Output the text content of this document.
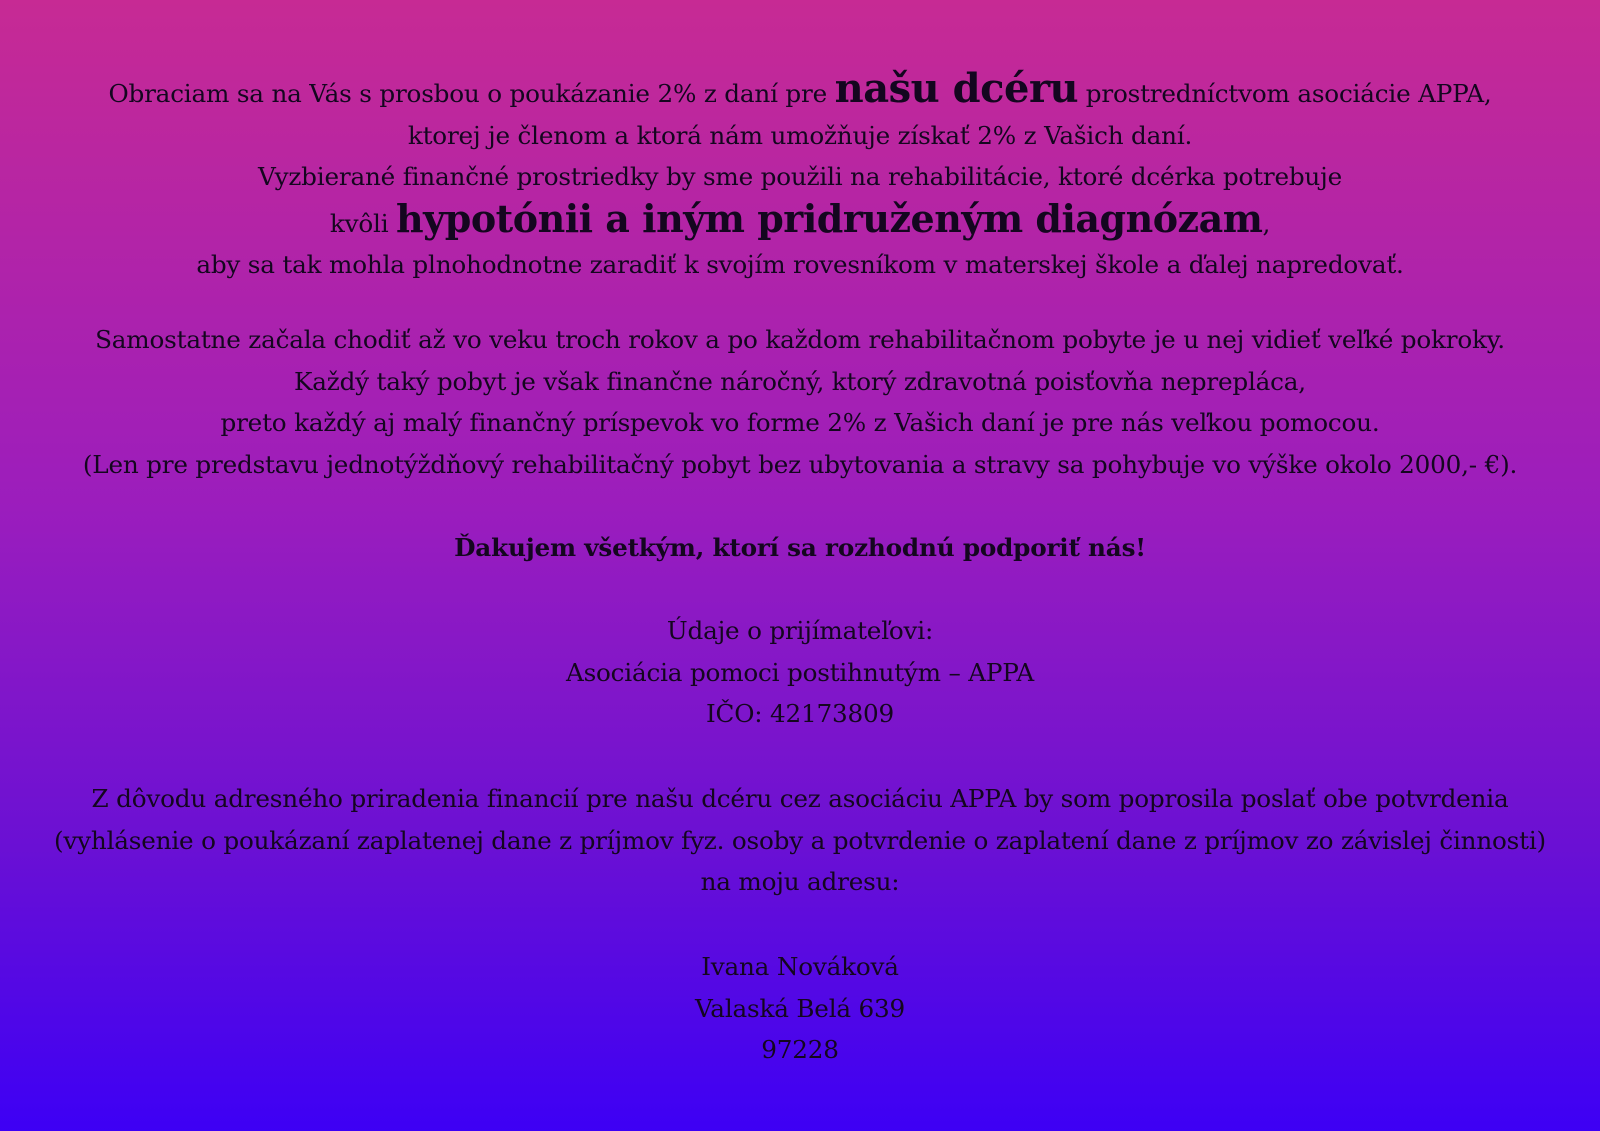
Obraciam sa na Vás s prosbou o poukázanie 2% z daní pre našu dcéru prostredníctvom asociácie APPA,
ktorej je členom a ktorá nám umožňuje získať 2% z Vašich daní.
Vyzbierané finančné prostriedky by sme použili na rehabilitácie, ktoré dcérka potrebuje
kvôli hypotónii a iným pridruženým diagnózam,
aby sa tak mohla plnohodnotne zaradiť k svojím rovesníkom v materskej škole a ďalej napredovať.
Samostatne začala chodiť až vo veku troch rokov a po každom rehabilitačnom pobyte je u nej vidieť veľké pokroky.
Každý taký pobyt je však finančne náročný, ktorý zdravotná poisťovňa neprepláca,
preto každý aj malý finančný príspevok vo forme 2% z Vašich daní je pre nás veľkou pomocou.
(Len pre predstavu jednotýždňový rehabilitačný pobyt bez ubytovania a stravy sa pohybuje vo výške okolo 2000,- €).
Ďakujem všetkým, ktorí sa rozhodnú podporiť nás!
Údaje o prijímateľovi:
Asociácia pomoci postihnutým – APPA
IČO: 42173809
Z dôvodu adresného priradenia financií pre našu dcéru cez asociáciu APPA by som poprosila poslať obe potvrdenia
(vyhlásenie o poukázaní zaplatenej dane z príjmov fyz. osoby a potvrdenie o zaplatení dane z príjmov zo závislej činnosti)
na moju adresu:
Ivana Nováková
Valaská Belá 639
97228
